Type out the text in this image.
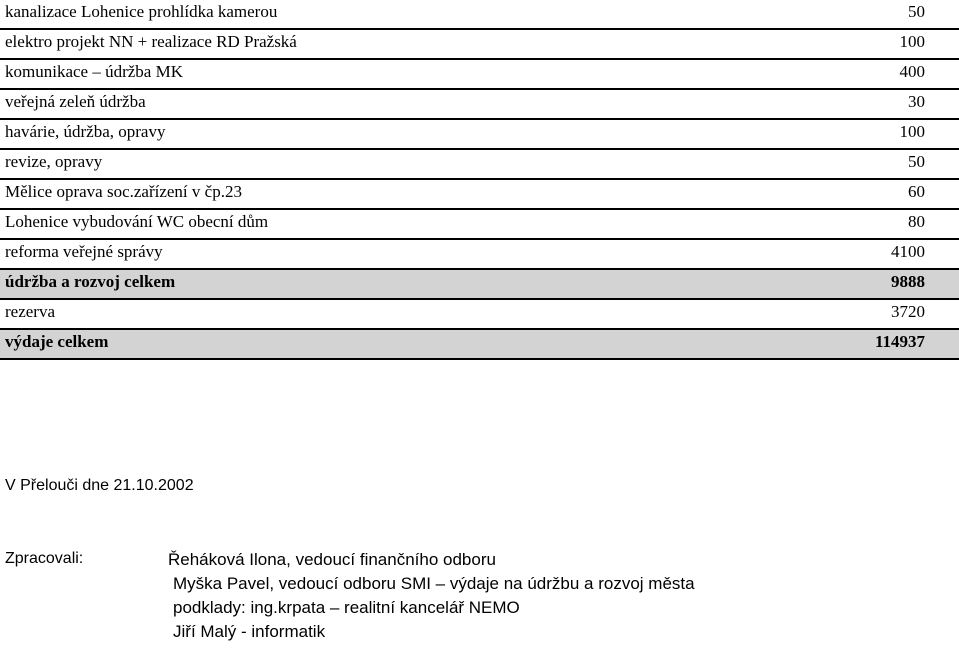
kanalizace Lohenice prohlídka kamerou	50
elektro projekt NN + realizace RD Pražská	100
komunikace – údržba MK	400
veřejná zeleň údržba	30
havárie, údržba, opravy	100
revize, opravy	50
Mělice oprava soc.zařízení v čp.23	60
Lohenice vybudování WC obecní dům	80
reforma veřejné správy	4100
údržba a rozvoj celkem	9888
rezerva	3720
výdaje celkem	114937
V Přelouči dne 21.10.2002
Zpracovali:	Řeháková Ilona, vedoucí finančního odboru
Myška Pavel, vedoucí odboru SMI – výdaje na údržbu a rozvoj města
podklady: ing.krpata – realitní kancelář NEMO
Jiří Malý - informatik
